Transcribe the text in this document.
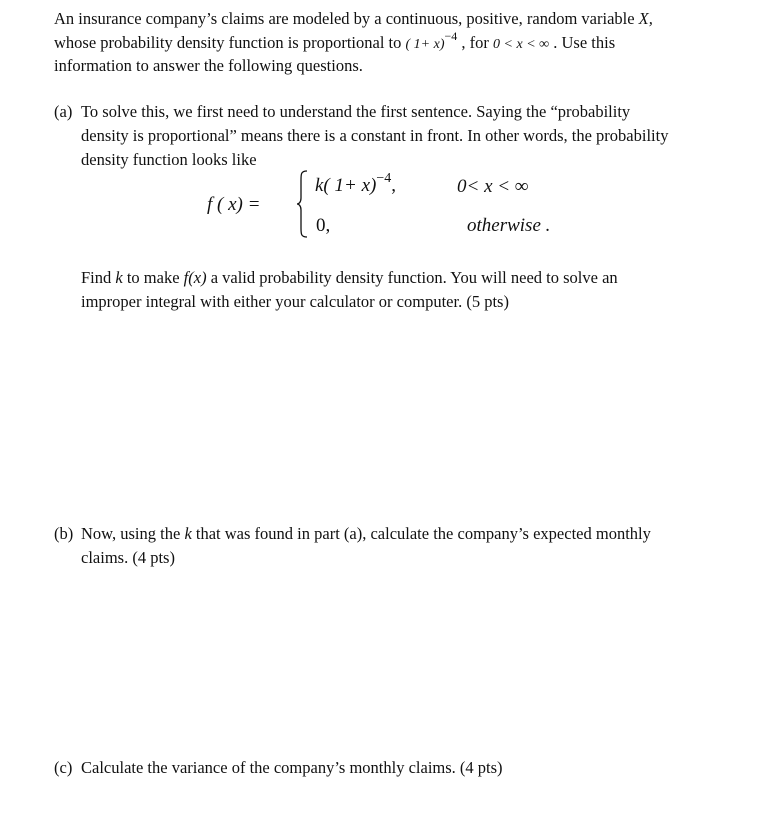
An insurance company’s claims are modeled by a continuous, positive, random variable X,
whose probability density function is proportional to ( 1+ x)$^{-4}$ , for 0 < x < ∞ . Use this
information to answer the following questions.
(a) To solve this, we first need to understand the first sentence. Saying the “probability
density is proportional” means there is a constant in front. In other words, the probability
density function looks like
f ( x) =
k( 1+ x)$^{-4}$,	0< x < ∞
0,	otherwise .
Find k to make f(x) a valid probability density function. You will need to solve an
improper integral with either your calculator or computer. (5 pts)
(b) Now, using the k that was found in part (a), calculate the company’s expected monthly
claims. (4 pts)
(c) Calculate the variance of the company’s monthly claims. (4 pts)
